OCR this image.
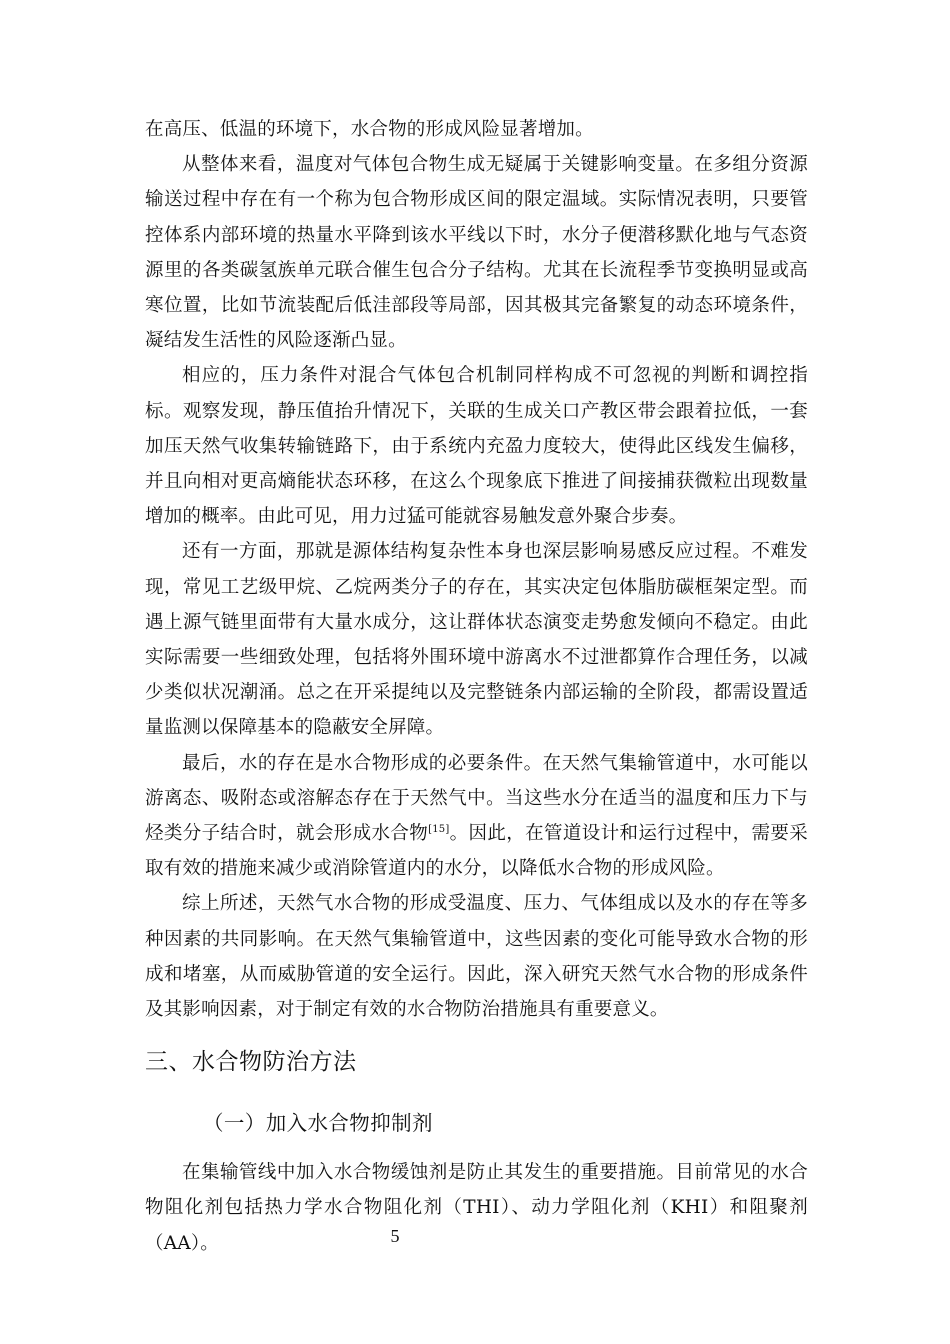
在高压、低温的环境下，水合物的形成风险显著增加。

从整体来看，温度对气体包合物生成无疑属于关键影响变量。在多组分资源输送过程中存在有一个称为包合物形成区间的限定温域。实际情况表明，只要管控体系内部环境的热量水平降到该水平线以下时，水分子便潜移默化地与气态资源里的各类碳氢族单元联合催生包合分子结构。尤其在长流程季节变换明显或高寒位置，比如节流装配后低洼部段等局部，因其极其完备繁复的动态环境条件，凝结发生活性的风险逐渐凸显。

相应的，压力条件对混合气体包合机制同样构成不可忽视的判断和调控指标。观察发现，静压值抬升情况下，关联的生成关口产教区带会跟着拉低，一套加压天然气收集转输链路下，由于系统内充盈力度较大，使得此区线发生偏移，并且向相对更高熵能状态环移，在这么个现象底下推进了间接捕获微粒出现数量增加的概率。由此可见，用力过猛可能就容易触发意外聚合步奏。

还有一方面，那就是源体结构复杂性本身也深层影响易感反应过程。不难发现，常见工艺级甲烷、乙烷两类分子的存在，其实决定包体脂肪碳框架定型。而遇上源气链里面带有大量水成分，这让群体状态演变走势愈发倾向不稳定。由此实际需要一些细致处理，包括将外围环境中游离水不过泄都算作合理任务，以减少类似状况潮涌。总之在开采提纯以及完整链条内部运输的全阶段，都需设置适量监测以保障基本的隐蔽安全屏障。

最后，水的存在是水合物形成的必要条件。在天然气集输管道中，水可能以游离态、吸附态或溶解态存在于天然气中。当这些水分在适当的温度和压力下与烃类分子结合时，就会形成水合物[15]。因此，在管道设计和运行过程中，需要采取有效的措施来减少或消除管道内的水分，以降低水合物的形成风险。

综上所述，天然气水合物的形成受温度、压力、气体组成以及水的存在等多种因素的共同影响。在天然气集输管道中，这些因素的变化可能导致水合物的形成和堵塞，从而威胁管道的安全运行。因此，深入研究天然气水合物的形成条件及其影响因素，对于制定有效的水合物防治措施具有重要意义。

三、水合物防治方法
（一）加入水合物抑制剂

在集输管线中加入水合物缓蚀剂是防止其发生的重要措施。目前常见的水合物阻化剂包括热力学水合物阻化剂（THI）、动力学阻化剂（KHI）和阻聚剂（AA）。	5
